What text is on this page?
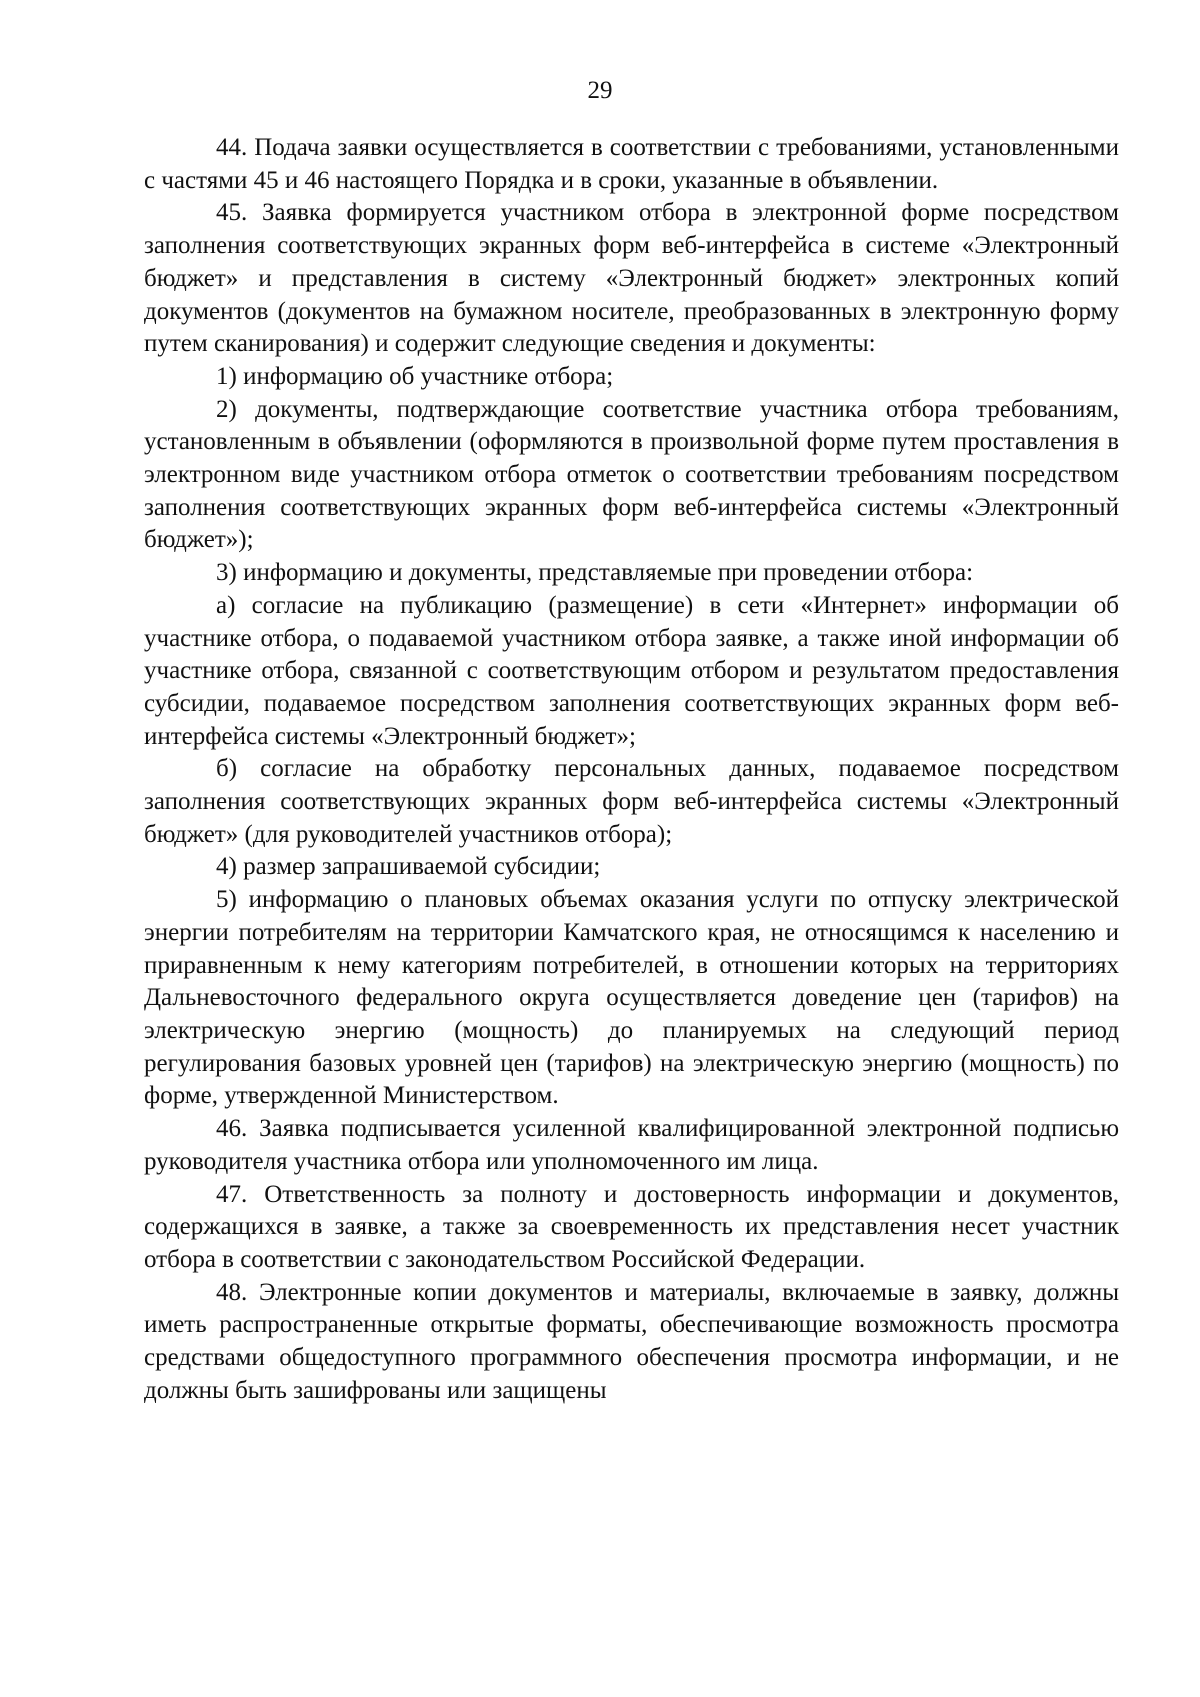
29

44. Подача заявки осуществляется в соответствии с требованиями, установленными с частями 45 и 46 настоящего Порядка и в сроки, указанные в объявлении.

45. Заявка формируется участником отбора в электронной форме посредством заполнения соответствующих экранных форм веб-интерфейса в системе «Электронный бюджет» и представления в систему «Электронный бюджет» электронных копий документов (документов на бумажном носителе, преобразованных в электронную форму путем сканирования) и содержит следующие сведения и документы:

1) информацию об участнике отбора;

2) документы, подтверждающие соответствие участника отбора требованиям, установленным в объявлении (оформляются в произвольной форме путем проставления в электронном виде участником отбора отметок о соответствии требованиям посредством заполнения соответствующих экранных форм веб-интерфейса системы «Электронный бюджет»);

3) информацию и документы, представляемые при проведении отбора:

а) согласие на публикацию (размещение) в сети «Интернет» информации об участнике отбора, о подаваемой участником отбора заявке, а также иной информации об участнике отбора, связанной с соответствующим отбором и результатом предоставления субсидии, подаваемое посредством заполнения соответствующих экранных форм веб-интерфейса системы «Электронный бюджет»;

б) согласие на обработку персональных данных, подаваемое посредством заполнения соответствующих экранных форм веб-интерфейса системы «Электронный бюджет» (для руководителей участников отбора);

4) размер запрашиваемой субсидии;

5) информацию о плановых объемах оказания услуги по отпуску электрической энергии потребителям на территории Камчатского края, не относящимся к населению и приравненным к нему категориям потребителей, в отношении которых на территориях Дальневосточного федерального округа осуществляется доведение цен (тарифов) на электрическую энергию (мощность) до планируемых на следующий период регулирования базовых уровней цен (тарифов) на электрическую энергию (мощность) по форме, утвержденной Министерством.

46. Заявка подписывается усиленной квалифицированной электронной подписью руководителя участника отбора или уполномоченного им лица.

47. Ответственность за полноту и достоверность информации и документов, содержащихся в заявке, а также за своевременность их представления несет участник отбора в соответствии с законодательством Российской Федерации.

48. Электронные копии документов и материалы, включаемые в заявку, должны иметь распространенные открытые форматы, обеспечивающие возможность просмотра средствами общедоступного программного обеспечения просмотра информации, и не должны быть зашифрованы или защищены
